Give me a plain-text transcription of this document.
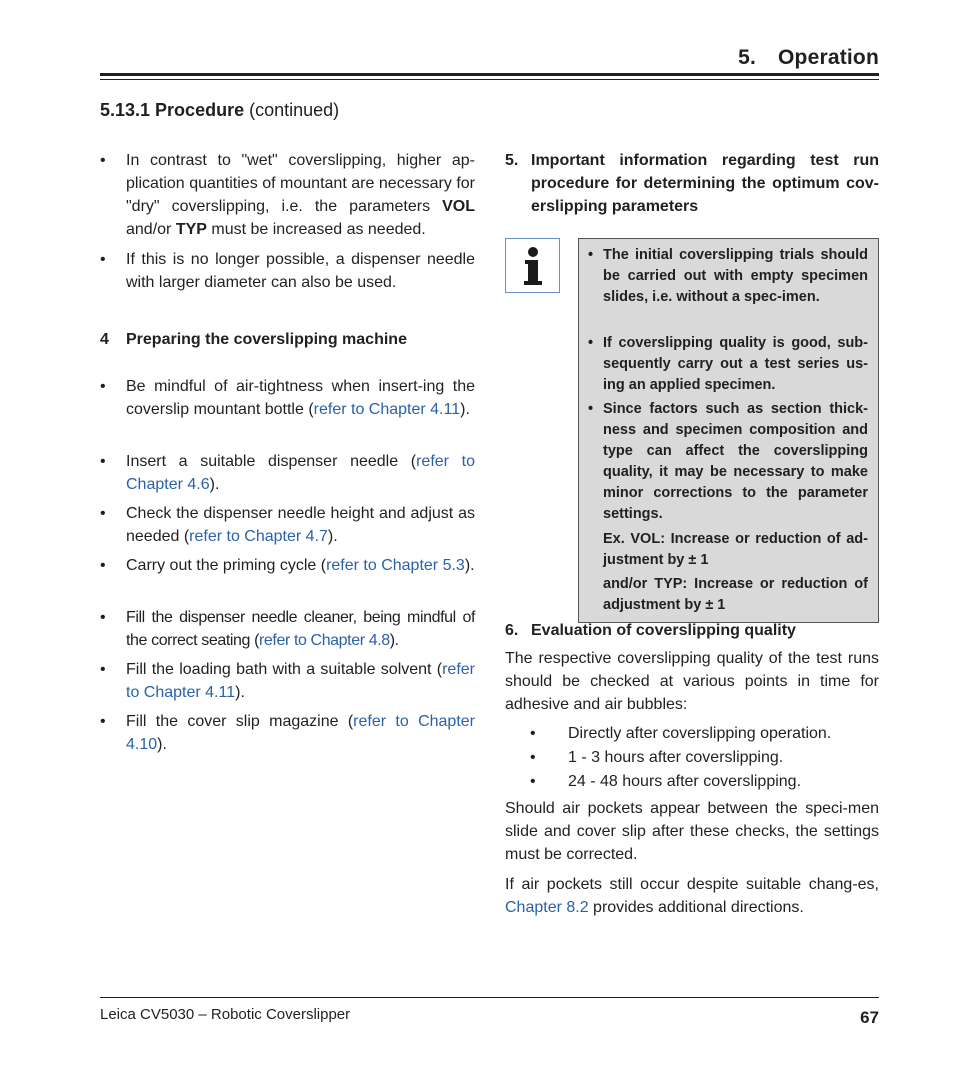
5. Operation
5.13.1 Procedure (continued)
• In contrast to "wet" coverslipping, higher ap-plication quantities of mountant are necessary for "dry" coverslipping, i.e. the parameters VOL and/or TYP must be increased as needed.
• If this is no longer possible, a dispenser needle with larger diameter can also be used.
4 Preparing the coverslipping machine
• Be mindful of air-tightness when insert-ing the coverslip mountant bottle (refer to Chapter 4.11).
• Insert a suitable dispenser needle (refer to Chapter 4.6).
• Check the dispenser needle height and adjust as needed (refer to Chapter 4.7).
• Carry out the priming cycle (refer to Chapter 5.3).
• Fill the dispenser needle cleaner, being mindful of the correct seating (refer to Chapter 4.8).
• Fill the loading bath with a suitable solvent (refer to Chapter 4.11).
• Fill the cover slip magazine (refer to Chapter 4.10).
5. Important information regarding test run procedure for determining the optimum cov-erslipping parameters
• The initial coverslipping trials should be carried out with empty specimen slides, i.e. without a spec-imen.
• If coverslipping quality is good, sub-sequently carry out a test series us-ing an applied specimen.
• Since factors such as section thick-ness and specimen composition and type can affect the coverslipping quality, it may be necessary to make minor corrections to the parameter settings.
Ex. VOL: Increase or reduction of ad-justment by ± 1
and/or TYP: Increase or reduction of adjustment by ± 1
6. Evaluation of coverslipping quality
The respective coverslipping quality of the test runs should be checked at various points in time for adhesive and air bubbles:
• Directly after coverslipping operation.
• 1 - 3 hours after coverslipping.
• 24 - 48 hours after coverslipping.
Should air pockets appear between the speci-men slide and cover slip after these checks, the settings must be corrected.
If air pockets still occur despite suitable chang-es, Chapter 8.2 provides additional directions.
Leica CV5030 – Robotic Coverslipper	67
